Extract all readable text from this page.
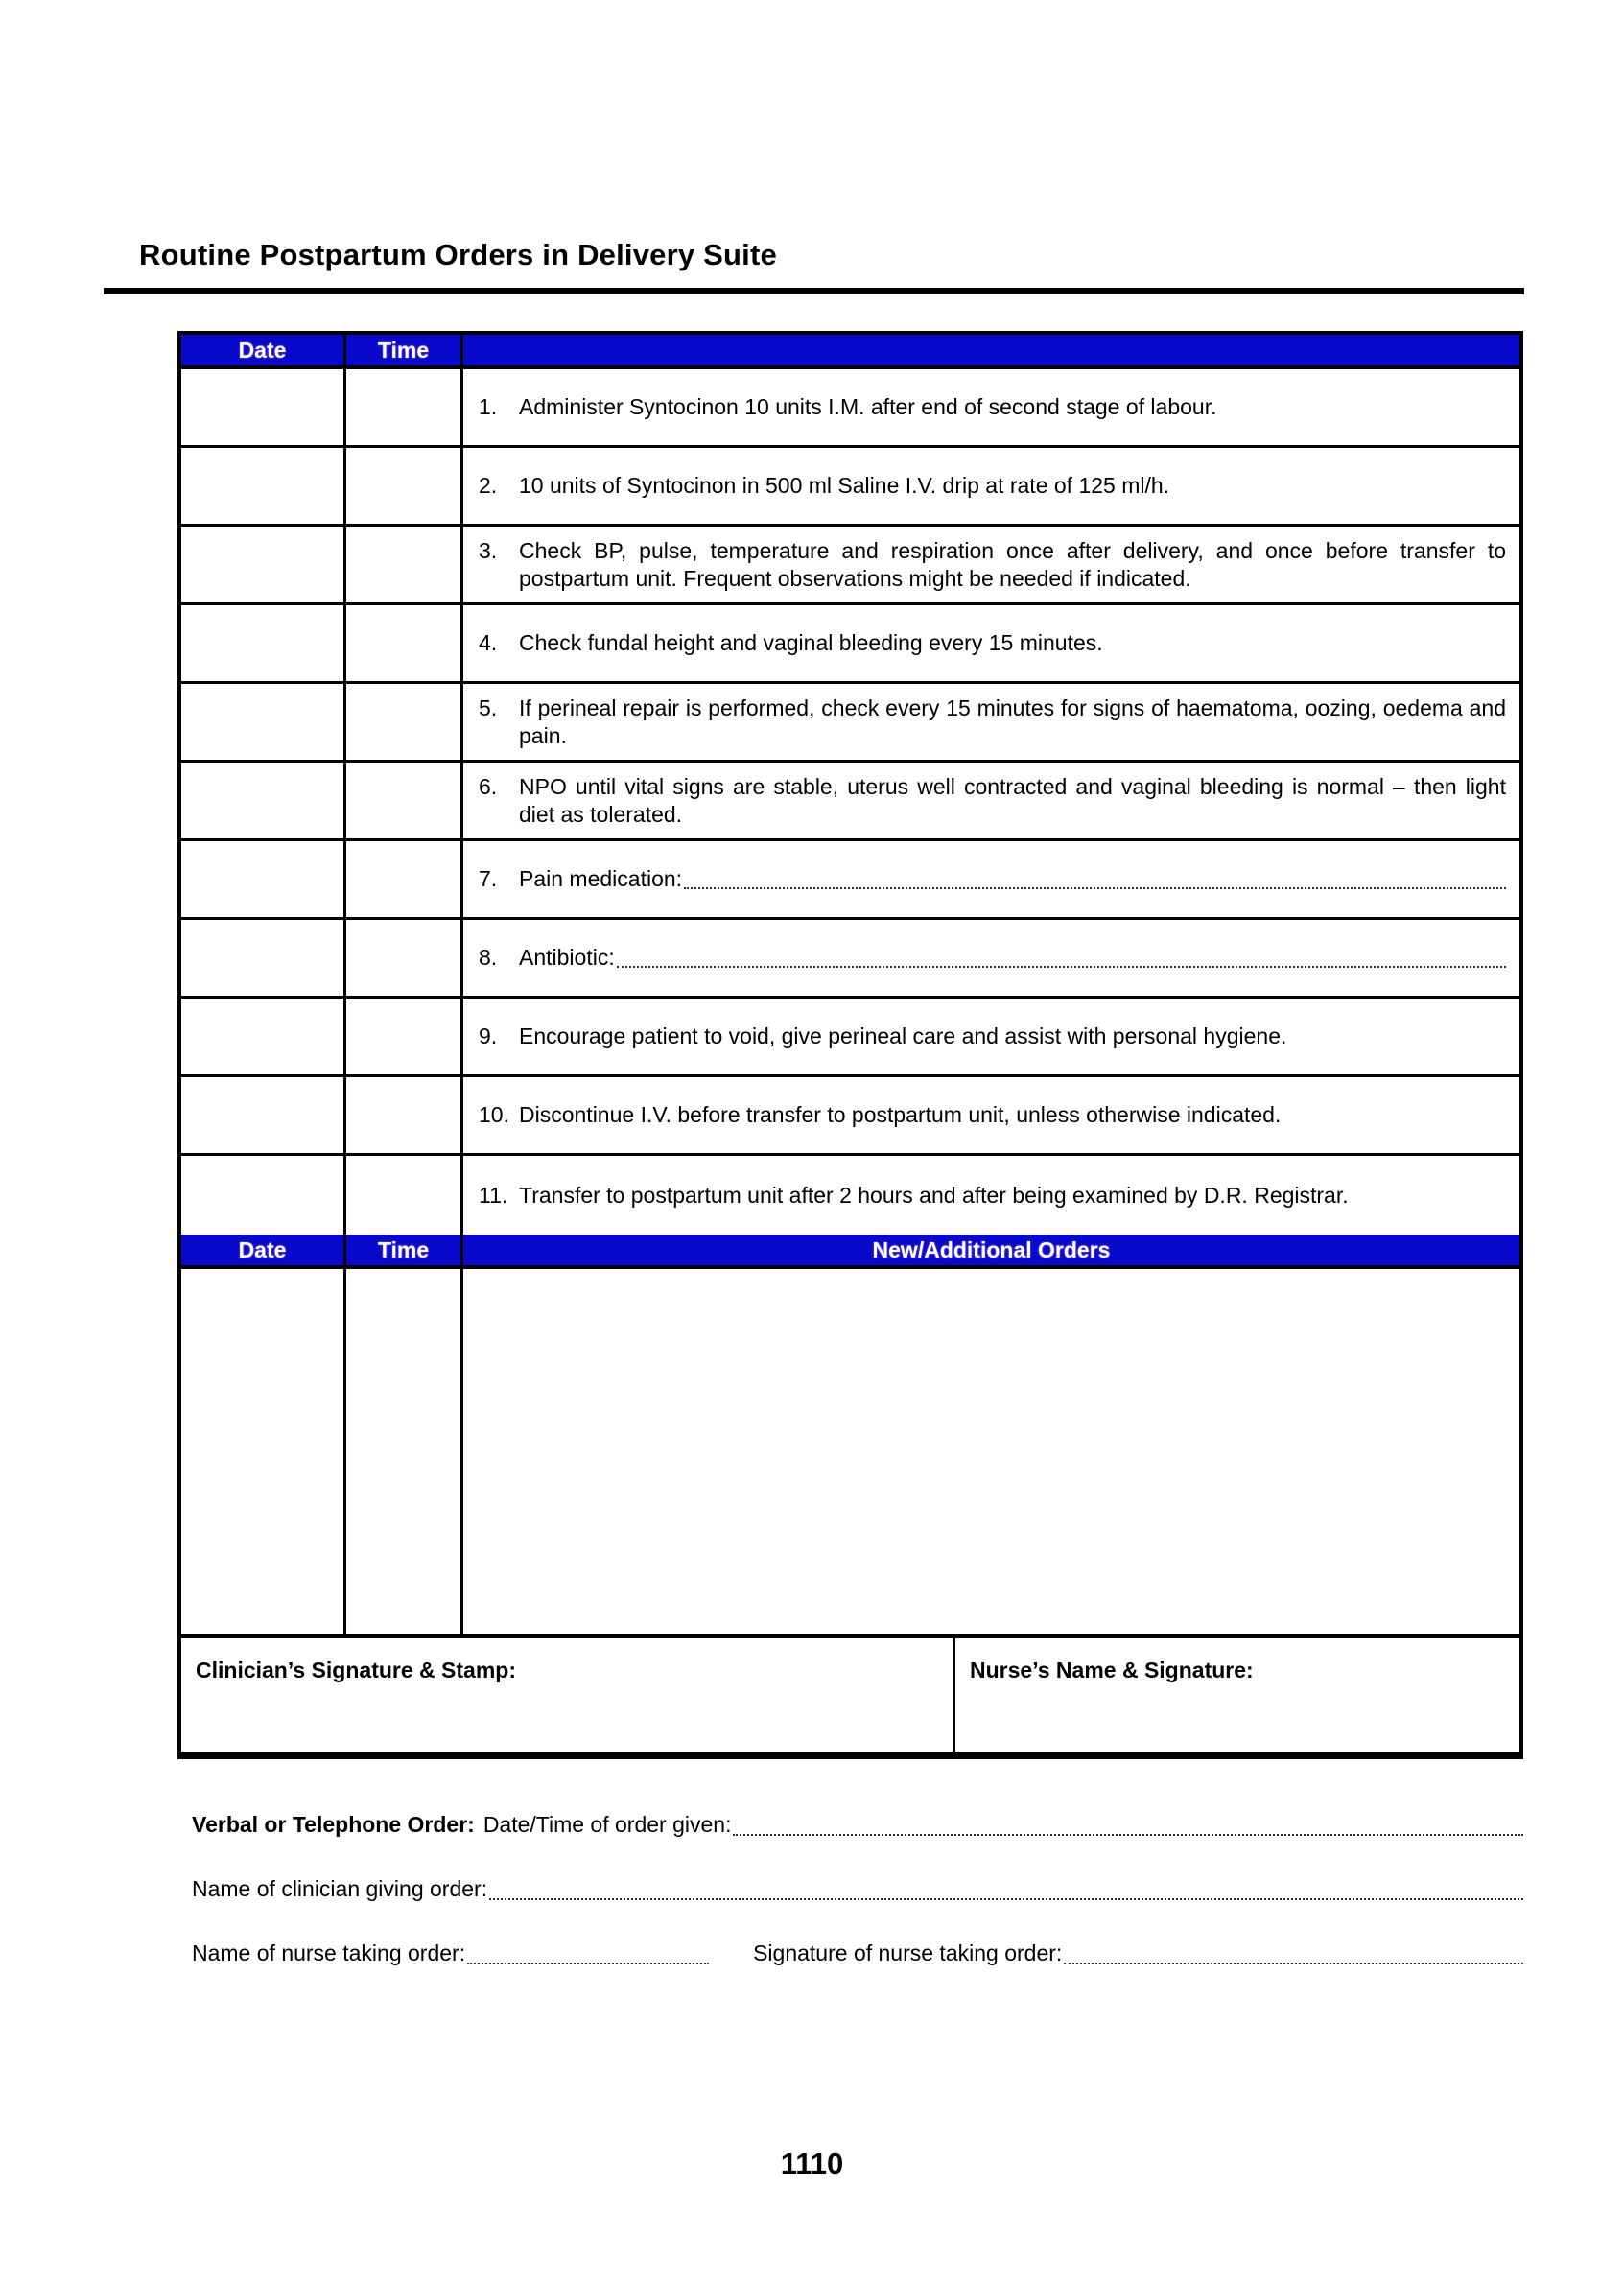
Routine Postpartum Orders in Delivery Suite
Date	Time
1. Administer Syntocinon 10 units I.M. after end of second stage of labour.
2. 10 units of Syntocinon in 500 ml Saline I.V. drip at rate of 125 ml/h.
3. Check BP, pulse, temperature and respiration once after delivery, and once before transfer to postpartum unit. Frequent observations might be needed if indicated.
4. Check fundal height and vaginal bleeding every 15 minutes.
5. If perineal repair is performed, check every 15 minutes for signs of haematoma, oozing, oedema and pain.
6. NPO until vital signs are stable, uterus well contracted and vaginal bleeding is normal – then light diet as tolerated.
7. Pain medication:
8. Antibiotic:
9. Encourage patient to void, give perineal care and assist with personal hygiene.
10. Discontinue I.V. before transfer to postpartum unit, unless otherwise indicated.
11. Transfer to postpartum unit after 2 hours and after being examined by D.R. Registrar.
Date	Time	New/Additional Orders
Clinician’s Signature & Stamp:	Nurse’s Name & Signature:
Verbal or Telephone Order: Date/Time of order given:
Name of clinician giving order:
Name of nurse taking order:	Signature of nurse taking order:
1110
